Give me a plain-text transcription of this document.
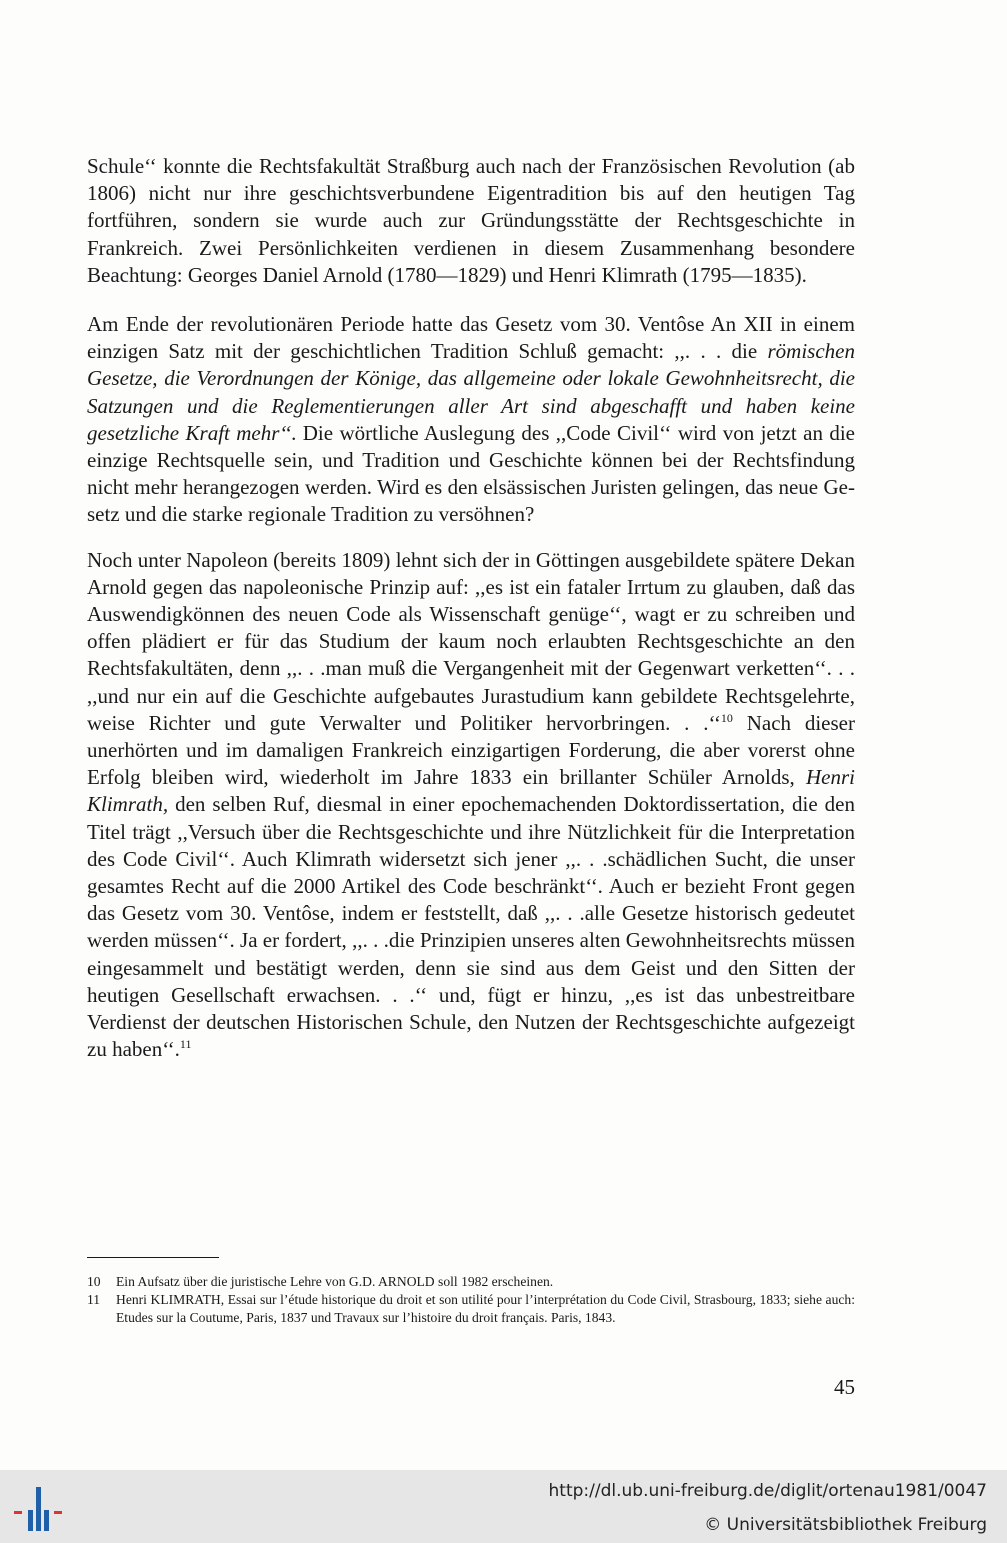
Schule‘‘ konnte die Rechtsfakultät Straßburg auch nach der Französischen Revolution (ab 1806) nicht nur ihre geschichtsverbundene Eigentradition bis auf den heutigen Tag fortführen, sondern sie wurde auch zur Gründungsstätte der Rechtsgeschichte in Frankreich. Zwei Persönlichkeiten verdienen in diesem Zusammenhang besondere Beachtung: Georges Daniel Arnold (1780—1829) und Henri Klimrath (1795—1835).

Am Ende der revolutionären Periode hatte das Gesetz vom 30. Ventôse An XII in einem einzigen Satz mit der geschichtlichen Tradition Schluß gemacht: ,,. . . die römischen Gesetze, die Verordnungen der Könige, das allgemeine oder lokale Gewohnheitsrecht, die Satzungen und die Reglementierungen aller Art sind abgeschafft und haben keine gesetzliche Kraft mehr‘‘. Die wörtliche Auslegung des ,,Code Civil‘‘ wird von jetzt an die einzige Rechtsquelle sein, und Tradition und Geschichte können bei der Rechtsfindung nicht mehr herangezogen werden. Wird es den elsässischen Juristen gelingen, das neue Gesetz und die starke regionale Tradition zu versöhnen?

Noch unter Napoleon (bereits 1809) lehnt sich der in Göttingen ausgebildete spätere Dekan Arnold gegen das napoleonische Prinzip auf: ,,es ist ein fataler Irrtum zu glauben, daß das Auswendigkönnen des neuen Code als Wissenschaft genüge‘‘, wagt er zu schreiben und offen plädiert er für das Studium der kaum noch erlaubten Rechtsgeschichte an den Rechtsfakultäten, denn ,,. . .man muß die Vergangenheit mit der Gegenwart verketten‘‘. . . ,,und nur ein auf die Geschichte aufgebautes Jurastudium kann gebildete Rechtsgelehrte, weise Richter und gute Verwalter und Politiker hervorbringen. . .‘‘$^{10}$ Nach dieser unerhörten und im damaligen Frankreich einzigartigen Forderung, die aber vorerst ohne Erfolg bleiben wird, wiederholt im Jahre 1833 ein brillanter Schüler Arnolds, Henri Klimrath, den selben Ruf, diesmal in einer epochemachenden Doktordissertation, die den Titel trägt ,,Versuch über die Rechtsgeschichte und ihre Nützlichkeit für die Interpretation des Code Civil‘‘. Auch Klimrath widersetzt sich jener ,,. . .schädlichen Sucht, die unser gesamtes Recht auf die 2000 Artikel des Code beschränkt‘‘. Auch er bezieht Front gegen das Gesetz vom 30. Ventôse, indem er feststellt, daß ,,. . .alle Gesetze historisch gedeutet werden müssen‘‘. Ja er fordert, ,,. . .die Prinzipien unseres alten Gewohnheitsrechts müssen eingesammelt und bestätigt werden, denn sie sind aus dem Geist und den Sitten der heutigen Gesellschaft erwachsen. . .‘‘ und, fügt er hinzu, ,,es ist das unbestreitbare Verdienst der deutschen Historischen Schule, den Nutzen der Rechtsgeschichte aufgezeigt zu haben‘‘.$^{11}$

10	Ein Aufsatz über die juristische Lehre von G.D. ARNOLD soll 1982 erscheinen.
11	Henri KLIMRATH, Essai sur l’étude historique du droit et son utilité pour l’interprétation du Code Civil, Strasbourg, 1833; siehe auch: Etudes sur la Coutume, Paris, 1837 und Travaux sur l’histoire du droit français. Paris, 1843.
45
http://dl.ub.uni-freiburg.de/diglit/ortenau1981/0047
© Universitätsbibliothek Freiburg
